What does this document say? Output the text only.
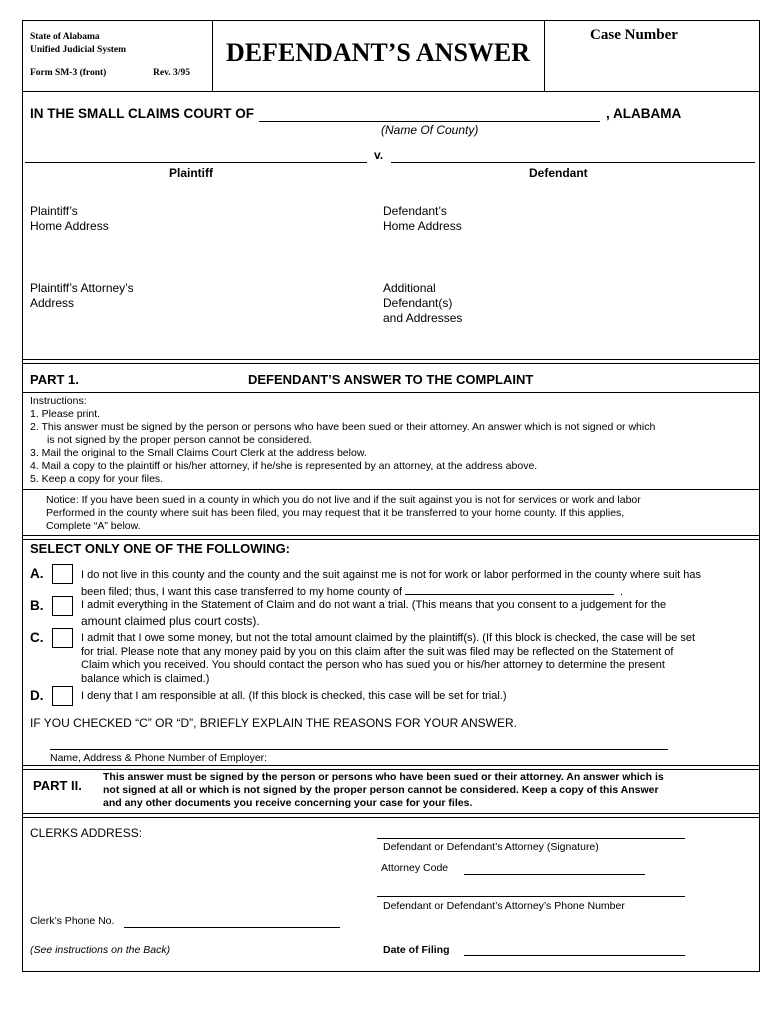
State of Alabama
Unified Judicial System
Form SM-3 (front)	Rev. 3/95
DEFENDANT’S ANSWER
Case Number
IN THE SMALL CLAIMS COURT OF	, ALABAMA
(Name Of County)
v.
Plaintiff	Defendant
Plaintiff’s
Home Address
Defendant’s
Home Address
Plaintiff’s Attorney’s
Address
Additional
Defendant(s)
and Addresses
PART 1.	DEFENDANT’S ANSWER TO THE COMPLAINT
Instructions:
1. Please print.
2. This answer must be signed by the person or persons who have been sued or their attorney. An answer which is not signed or which
is not signed by the proper person cannot be considered.
3. Mail the original to the Small Claims Court Clerk at the address below.
4. Mail a copy to the plaintiff or his/her attorney, if he/she is represented by an attorney, at the address above.
5. Keep a copy for your files.
Notice: If you have been sued in a county in which you do not live and if the suit against you is not for services or work and labor
Performed in the county where suit has been filed, you may request that it be transferred to your home county. If this applies,
Complete “A” below.
SELECT ONLY ONE OF THE FOLLOWING:
A.	I do not live in this county and the county and the suit against me is not for work or labor performed in the county where suit has
been filed; thus, I want this case transferred to my home county of	.
B.	I admit everything in the Statement of Claim and do not want a trial. (This means that you consent to a judgement for the
amount claimed plus court costs).
C.	I admit that I owe some money, but not the total amount claimed by the plaintiff(s). (If this block is checked, the case will be set
for trial. Please note that any money paid by you on this claim after the suit was filed may be reflected on the Statement of
Claim which you received. You should contact the person who has sued you or his/her attorney to determine the present
balance which is claimed.)
D.	I deny that I am responsible at all. (If this block is checked, this case will be set for trial.)
IF YOU CHECKED “C” OR “D”, BRIEFLY EXPLAIN THE REASONS FOR YOUR ANSWER.
Name, Address & Phone Number of Employer:
PART II.
This answer must be signed by the person or persons who have been sued or their attorney. An answer which is
not signed at all or which is not signed by the proper person cannot be considered. Keep a copy of this Answer
and any other documents you receive concerning your case for your files.
CLERKS ADDRESS:
Defendant or Defendant’s Attorney (Signature)
Attorney Code
Defendant or Defendant’s Attorney’s Phone Number
Clerk’s Phone No.
(See instructions on the Back)	Date of Filing
